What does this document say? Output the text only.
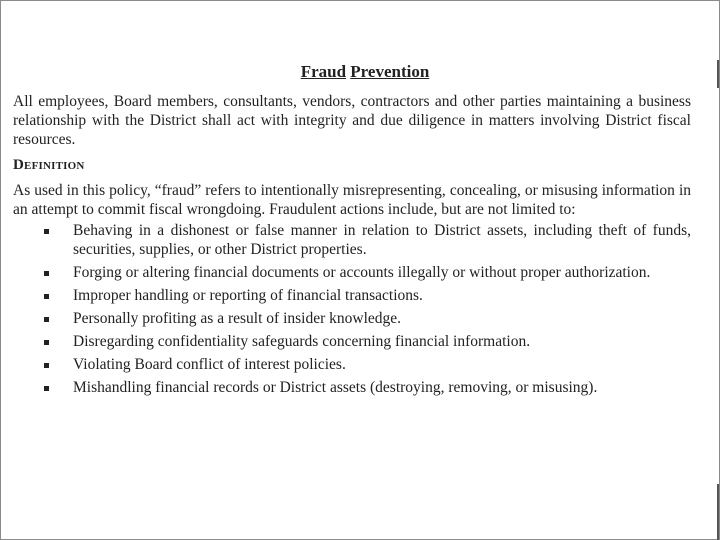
Fraud Prevention

All employees, Board members, consultants, vendors, contractors and other parties maintaining a business relationship with the District shall act with integrity and due diligence in matters involving District fiscal resources.

Definition

As used in this policy, “fraud” refers to intentionally misrepresenting, concealing, or misusing information in an attempt to commit fiscal wrongdoing. Fraudulent actions include, but are not limited to:

Behaving in a dishonest or false manner in relation to District assets, including theft of funds, securities, supplies, or other District properties.
Forging or altering financial documents or accounts illegally or without proper authorization.
Improper handling or reporting of financial transactions.
Personally profiting as a result of insider knowledge.
Disregarding confidentiality safeguards concerning financial information.
Violating Board conflict of interest policies.
Mishandling financial records or District assets (destroying, removing, or misusing).
